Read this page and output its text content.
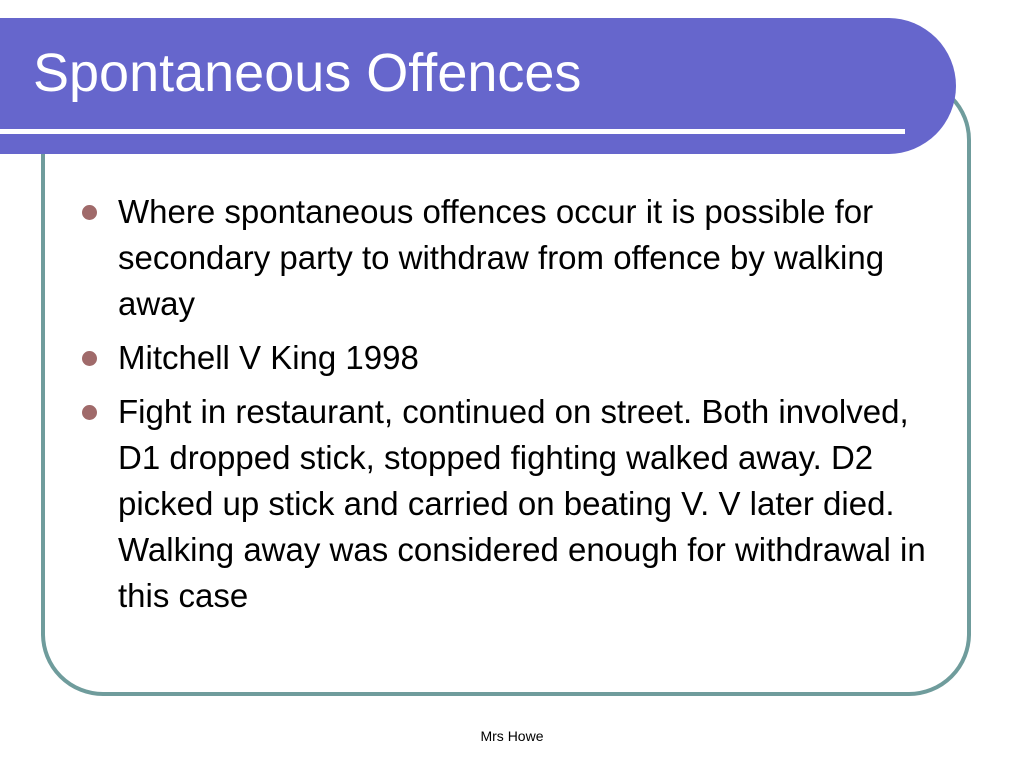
Spontaneous Offences
Where spontaneous offences occur it is possible for secondary party to withdraw from offence by walking away
Mitchell V King 1998
Fight in restaurant, continued on street. Both involved, D1 dropped stick, stopped fighting walked away. D2 picked up stick and carried on beating V. V later died. Walking away was considered enough for withdrawal in this case
Mrs Howe
